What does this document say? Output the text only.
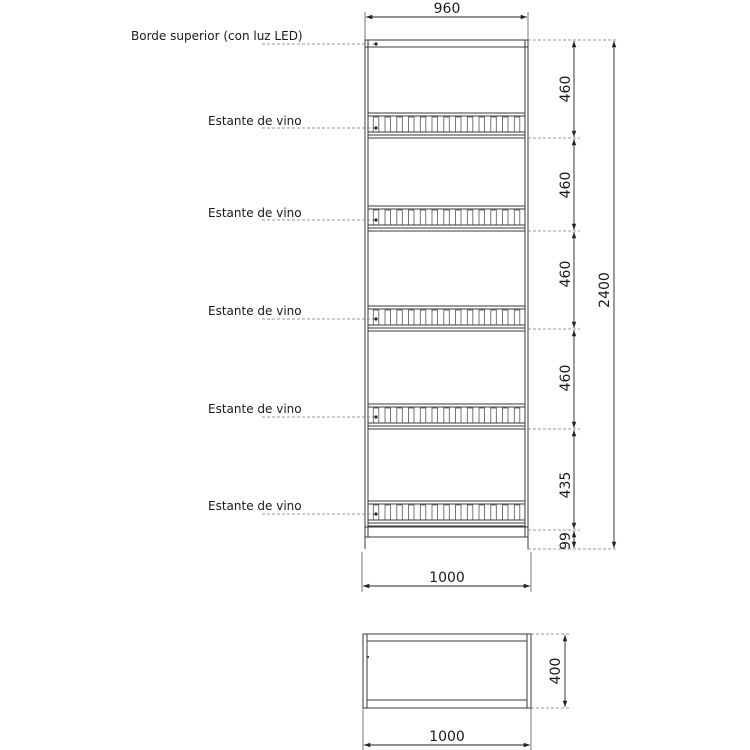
Borde superior (con luz LED)
Estante de vino
Estante de vino
Estante de vino
Estante de vino
Estante de vino
960
460
460
460
460
435
99
2400
1000
400
1000
